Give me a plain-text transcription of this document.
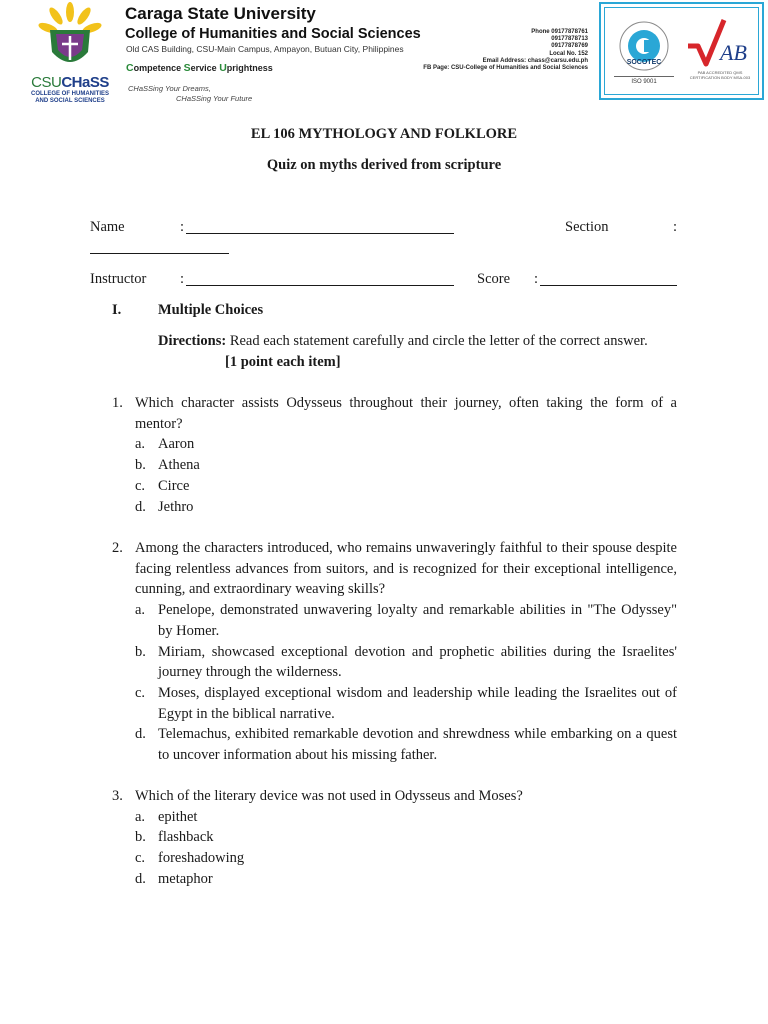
CSUCHaSS
COLLEGE OF HUMANITIES AND SOCIAL SCIENCES
Caraga State University
College of Humanities and Social Sciences
Old CAS Building, CSU-Main Campus, Ampayon, Butuan City, Philippines
Competence Service Uprightness
CHaSSing Your Dreams,
CHaSSing Your Future
Phone 09177878761
09177878713
09177878769
Local No. 152
Email Address: chass@carsu.edu.ph
FB Page: CSU-College of Humanities and Social Sciences
SOCOTEC
ISO 9001
AB
PAB ACCREDITED QMS CERTIFICATION BODY MSA-003
EL 106 MYTHOLOGY AND FOLKLORE
Quiz on myths derived from scripture
Name	:	Section	:
Instructor :	Score :
I.	Multiple Choices
Directions: Read each statement carefully and circle the letter of the correct answer.
[1 point each item]
1. Which character assists Odysseus throughout their journey, often taking the form of a mentor?
a. Aaron
b. Athena
c. Circe
d. Jethro
2. Among the characters introduced, who remains unwaveringly faithful to their spouse despite facing relentless advances from suitors, and is recognized for their exceptional intelligence, cunning, and extraordinary weaving skills?
a. Penelope, demonstrated unwavering loyalty and remarkable abilities in "The Odyssey" by Homer.
b. Miriam, showcased exceptional devotion and prophetic abilities during the Israelites' journey through the wilderness.
c. Moses, displayed exceptional wisdom and leadership while leading the Israelites out of Egypt in the biblical narrative.
d. Telemachus, exhibited remarkable devotion and shrewdness while embarking on a quest to uncover information about his missing father.
3. Which of the literary device was not used in Odysseus and Moses?
a. epithet
b. flashback
c. foreshadowing
d. metaphor
